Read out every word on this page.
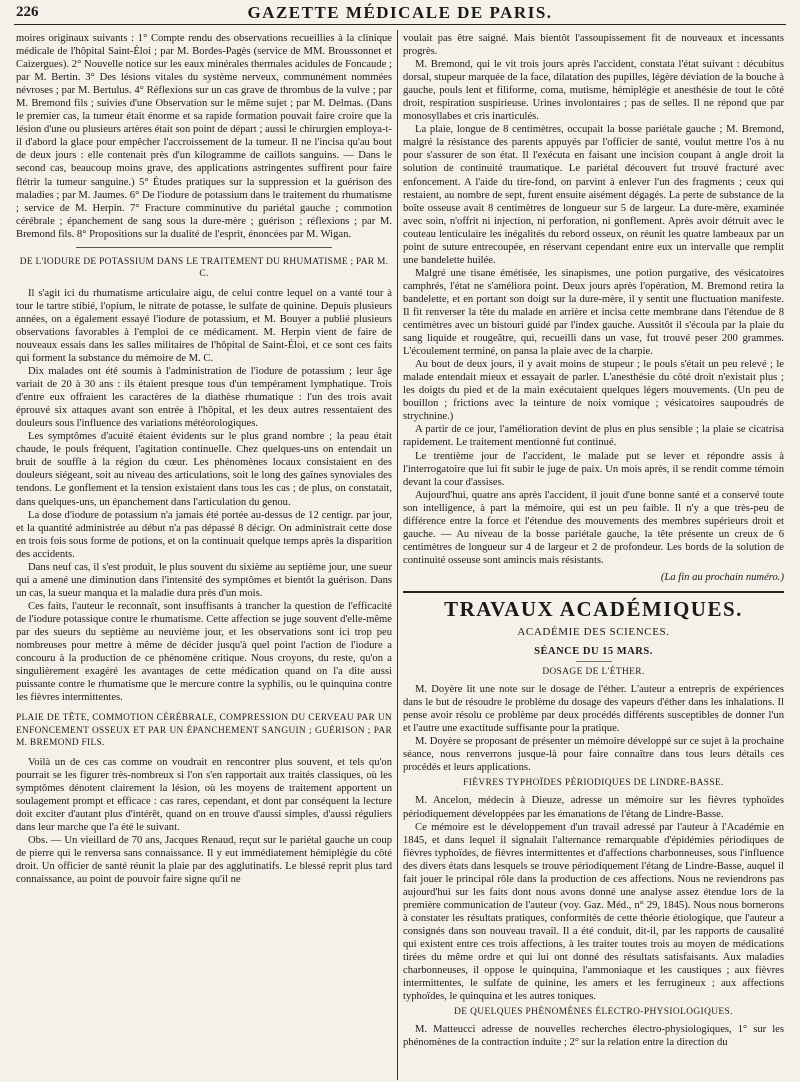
226	GAZETTE MÉDICALE DE PARIS.

moires originaux suivants : 1° Compte rendu des observations recueillies à la clinique médicale de l'hôpital Saint-Éloi ; par M. Bordes-Pagès (service de MM. Broussonnet et Caizergues). 2° Nouvelle notice sur les eaux minérales thermales acidules de Foncaude ; par M. Bertin. 3° Des lésions vitales du système nerveux, communément nommées névroses ; par M. Bertulus. 4° Réflexions sur un cas grave de thrombus de la vulve ; par M. Bremond fils ; suivies d'une Observation sur le même sujet ; par M. Delmas. (Dans le premier cas, la tumeur était énorme et sa rapide formation pouvait faire croire que la lésion d'une ou plusieurs artères était son point de départ ; aussi le chirurgien employa-t-il d'abord la glace pour empêcher l'accroissement de la tumeur. Il ne l'incisa qu'au bout de deux jours : elle contenait près d'un kilogramme de caillots sanguins. — Dans le second cas, beaucoup moins grave, des applications astringentes suffirent pour faire flétrir la tumeur sanguine.) 5° Études pratiques sur la suppression et la guérison des maladies ; par M. Jaumes. 6° De l'iodure de potassium dans le traitement du rhumatisme ; service de M. Herpin. 7° Fracture comminutive du pariétal gauche ; commotion cérébrale ; épanchement de sang sous la dure-mère ; guérison ; réflexions ; par M. Bremond fils. 8° Propositions sur la dualité de l'esprit, énoncées par M. Wigan.

DE L'IODURE DE POTASSIUM DANS LE TRAITEMENT DU RHUMATISME ; PAR M. C.

Il s'agit ici du rhumatisme articulaire aigu, de celui contre lequel on a vanté tour à tour le tartre stibié, l'opium, le nitrate de potasse, le sulfate de quinine. Depuis plusieurs années, on a également essayé l'iodure de potassium, et M. Bouyer a publié plusieurs observations favorables à l'emploi de ce médicament. M. Herpin vient de faire de nouveaux essais dans les salles militaires de l'hôpital de Saint-Éloi, et ce sont ces faits qui forment la substance du mémoire de M. C.

Dix malades ont été soumis à l'administration de l'iodure de potassium ; leur âge variait de 20 à 30 ans : ils étaient presque tous d'un tempérament lymphatique. Trois d'entre eux offraient les caractères de la diathèse rhumatique : l'un des trois avait éprouvé six attaques avant son entrée à l'hôpital, et les deux autres ressentaient des douleurs sous l'influence des variations météorologiques.

Les symptômes d'acuité étaient évidents sur le plus grand nombre ; la peau était chaude, le pouls fréquent, l'agitation continuelle. Chez quelques-uns on entendait un bruit de souffle à la région du cœur. Les phénomènes locaux consistaient en des douleurs siégeant, soit au niveau des articulations, soit le long des gaînes synoviales des tendons. Le gonflement et la tension existaient dans tous les cas ; de plus, on constatait, dans quelques-uns, un épanchement dans l'articulation du genou.

La dose d'iodure de potassium n'a jamais été portée au-dessus de 12 centigr. par jour, et la quantité administrée au début n'a pas dépassé 8 décigr. On administrait cette dose en trois fois sous forme de potions, et on la continuait quelque temps après la disparition des accidents.

Dans neuf cas, il s'est produit, le plus souvent du sixième au septième jour, une sueur qui a amené une diminution dans l'intensité des symptômes et bientôt la guérison. Dans un cas, la sueur manqua et la maladie dura près d'un mois.

Ces faits, l'auteur le reconnaît, sont insuffisants à trancher la question de l'efficacité de l'iodure potassique contre le rhumatisme. Cette affection se juge souvent d'elle-même par des sueurs du septième au neuvième jour, et les observations sont ici trop peu nombreuses pour mettre à même de décider jusqu'à quel point l'action de l'iodure a concouru à la production de ce phénomène critique. Nous croyons, du reste, qu'on a singulièrement exagéré les avantages de cette médication quand on l'a dite aussi puissante contre le rhumatisme que le mercure contre la syphilis, ou le quinquina contre les fièvres intermittentes.

PLAIE DE TÊTE, COMMOTION CÉRÉBRALE, COMPRESSION DU CERVEAU PAR UN ENFONCEMENT OSSEUX ET PAR UN ÉPANCHEMENT SANGUIN ; GUÉRISON ; PAR M. BREMOND FILS.

Voilà un de ces cas comme on voudrait en rencontrer plus souvent, et tels qu'on pourrait se les figurer très-nombreux si l'on s'en rapportait aux traités classiques, où les symptômes dénotent clairement la lésion, où les moyens de traitement apportent un soulagement prompt et efficace : cas rares, cependant, et dont par conséquent la lecture doit exciter d'autant plus d'intérêt, quand on en trouve d'aussi simples, d'aussi réguliers dans leur marche que l'a été le suivant.

Obs. — Un vieillard de 70 ans, Jacques Renaud, reçut sur le pariétal gauche un coup de pierre qui le renversa sans connaissance. Il y eut immédiatement hémiplégie du côté droit. Un officier de santé réunit la plaie par des agglutinatifs. Le blessé reprit plus tard connaissance, au point de pouvoir faire signe qu'il ne

voulait pas être saigné. Mais bientôt l'assoupissement fit de nouveaux et incessants progrès.

M. Bremond, qui le vit trois jours après l'accident, constata l'état suivant : décubitus dorsal, stupeur marquée de la face, dilatation des pupilles, légère déviation de la bouche à gauche, pouls lent et filiforme, coma, mutisme, hémiplégie et anesthésie de tout le côté droit, respiration suspirieuse. Urines involontaires ; pas de selles. Il ne répond que par monosyllabes et cris inarticulés.

La plaie, longue de 8 centimètres, occupait la bosse pariétale gauche ; M. Bremond, malgré la résistance des parents appuyés par l'officier de santé, voulut mettre l'os à nu pour s'assurer de son état. Il l'exécuta en faisant une incision coupant à angle droit la solution de continuité traumatique. Le pariétal découvert fut trouvé fracturé avec enfoncement. A l'aide du tire-fond, on parvint à enlever l'un des fragments ; ceux qui restaient, au nombre de sept, furent ensuite aisément dégagés. La perte de substance de la boîte osseuse avait 8 centimètres de longueur sur 5 de largeur. La dure-mère, examinée avec soin, n'offrit ni injection, ni perforation, ni gonflement. Après avoir détruit avec le couteau lenticulaire les inégalités du rebord osseux, on réunit les quatre lambeaux par un point de suture entrecoupée, en réservant cependant entre eux un intervalle que remplit une bandelette huilée.

Malgré une tisane émétisée, les sinapismes, une potion purgative, des vésicatoires camphrés, l'état ne s'améliora point. Deux jours après l'opération, M. Bremond retira la bandelette, et en portant son doigt sur la dure-mère, il y sentit une fluctuation manifeste. Il fit renverser la tête du malade en arrière et incisa cette membrane dans l'étendue de 8 centimètres avec un bistouri guidé par l'index gauche. Aussitôt il s'écoula par la plaie du sang liquide et rougeâtre, qui, recueilli dans un vase, fut trouvé peser 200 grammes. L'écoulement terminé, on pansa la plaie avec de la charpie.

Au bout de deux jours, il y avait moins de stupeur ; le pouls s'était un peu relevé ; le malade entendait mieux et essayait de parler. L'anesthésie du côté droit n'existait plus ; les doigts du pied et de la main exécutaient quelques légers mouvements. (Un peu de bouillon ; frictions avec la teinture de noix vomique ; vésicatoires saupoudrés de strychnine.)

A partir de ce jour, l'amélioration devint de plus en plus sensible ; la plaie se cicatrisa rapidement. Le traitement mentionné fut continué.

Le trentième jour de l'accident, le malade put se lever et répondre assis à l'interrogatoire que lui fit subir le juge de paix. Un mois après, il se rendit comme témoin devant la cour d'assises.

Aujourd'hui, quatre ans après l'accident, il jouit d'une bonne santé et a conservé toute son intelligence, à part la mémoire, qui est un peu faible. Il n'y a que très-peu de différence entre la force et l'étendue des mouvements des membres supérieurs droit et gauche. — Au niveau de la bosse pariétale gauche, la tête présente un creux de 6 centimètres de longueur sur 4 de largeur et 2 de profondeur. Les bords de la solution de continuité osseuse sont amincis mais résistants.

(La fin au prochain numéro.)

TRAVAUX ACADÉMIQUES.
ACADÉMIE DES SCIENCES.
SÉANCE DU 15 MARS.
DOSAGE DE L'ÉTHER.

M. Doyère lit une note sur le dosage de l'éther. L'auteur a entrepris de expériences dans le but de résoudre le problème du dosage des vapeurs d'éther dans les inhalations. Il pense avoir résolu ce problème par deux procédés différents susceptibles de donner l'un et l'autre une exactitude suffisante pour la pratique.

M. Doyère se proposant de présenter un mémoire développé sur ce sujet à la prochaine séance, nous renverrons jusque-là pour faire connaître dans tous leurs détails ces procédés et leurs applications.

FIÈVRES TYPHOÏDES PÉRIODIQUES DE LINDRE-BASSE.

M. Ancelon, médecin à Dieuze, adresse un mémoire sur les fièvres typhoïdes périodiquement développées par les émanations de l'étang de Lindre-Basse.

Ce mémoire est le développement d'un travail adressé par l'auteur à l'Académie en 1845, et dans lequel il signalait l'alternance remarquable d'épidémies périodiques de fièvres typhoïdes, de fièvres intermittentes et d'affections charbonneuses, sous l'influence des divers états dans lesquels se trouve périodiquement l'étang de Lindre-Basse, auquel il fait jouer le principal rôle dans la production de ces affections. Nous ne reviendrons pas aujourd'hui sur les faits dont nous avons donné une analyse assez étendue lors de la première communication de l'auteur (voy. Gaz. Méd., n° 29, 1845). Nous nous bornerons à constater les résultats pratiques, conformités de cette théorie étiologique, que l'auteur a consignés dans son nouveau travail. Il a été conduit, dit-il, par les rapports de causalité qui existent entre ces trois affections, à les traiter toutes trois au moyen de médications tirées du même ordre et qui lui ont donné des résultats satisfaisants. Aux maladies charbonneuses, il oppose le quinquina, l'ammoniaque et les caustiques ; aux fièvres intermittentes, le sulfate de quinine, les amers et les ferrugineux ; aux affections typhoïdes, le quinquina et les autres toniques.

DE QUELQUES PHÉNOMÈNES ÉLECTRO-PHYSIOLOGIQUES.

M. Matteucci adresse de nouvelles recherches électro-physiologiques, 1° sur les phénomènes de la contraction induite ; 2° sur la relation entre la direction du
